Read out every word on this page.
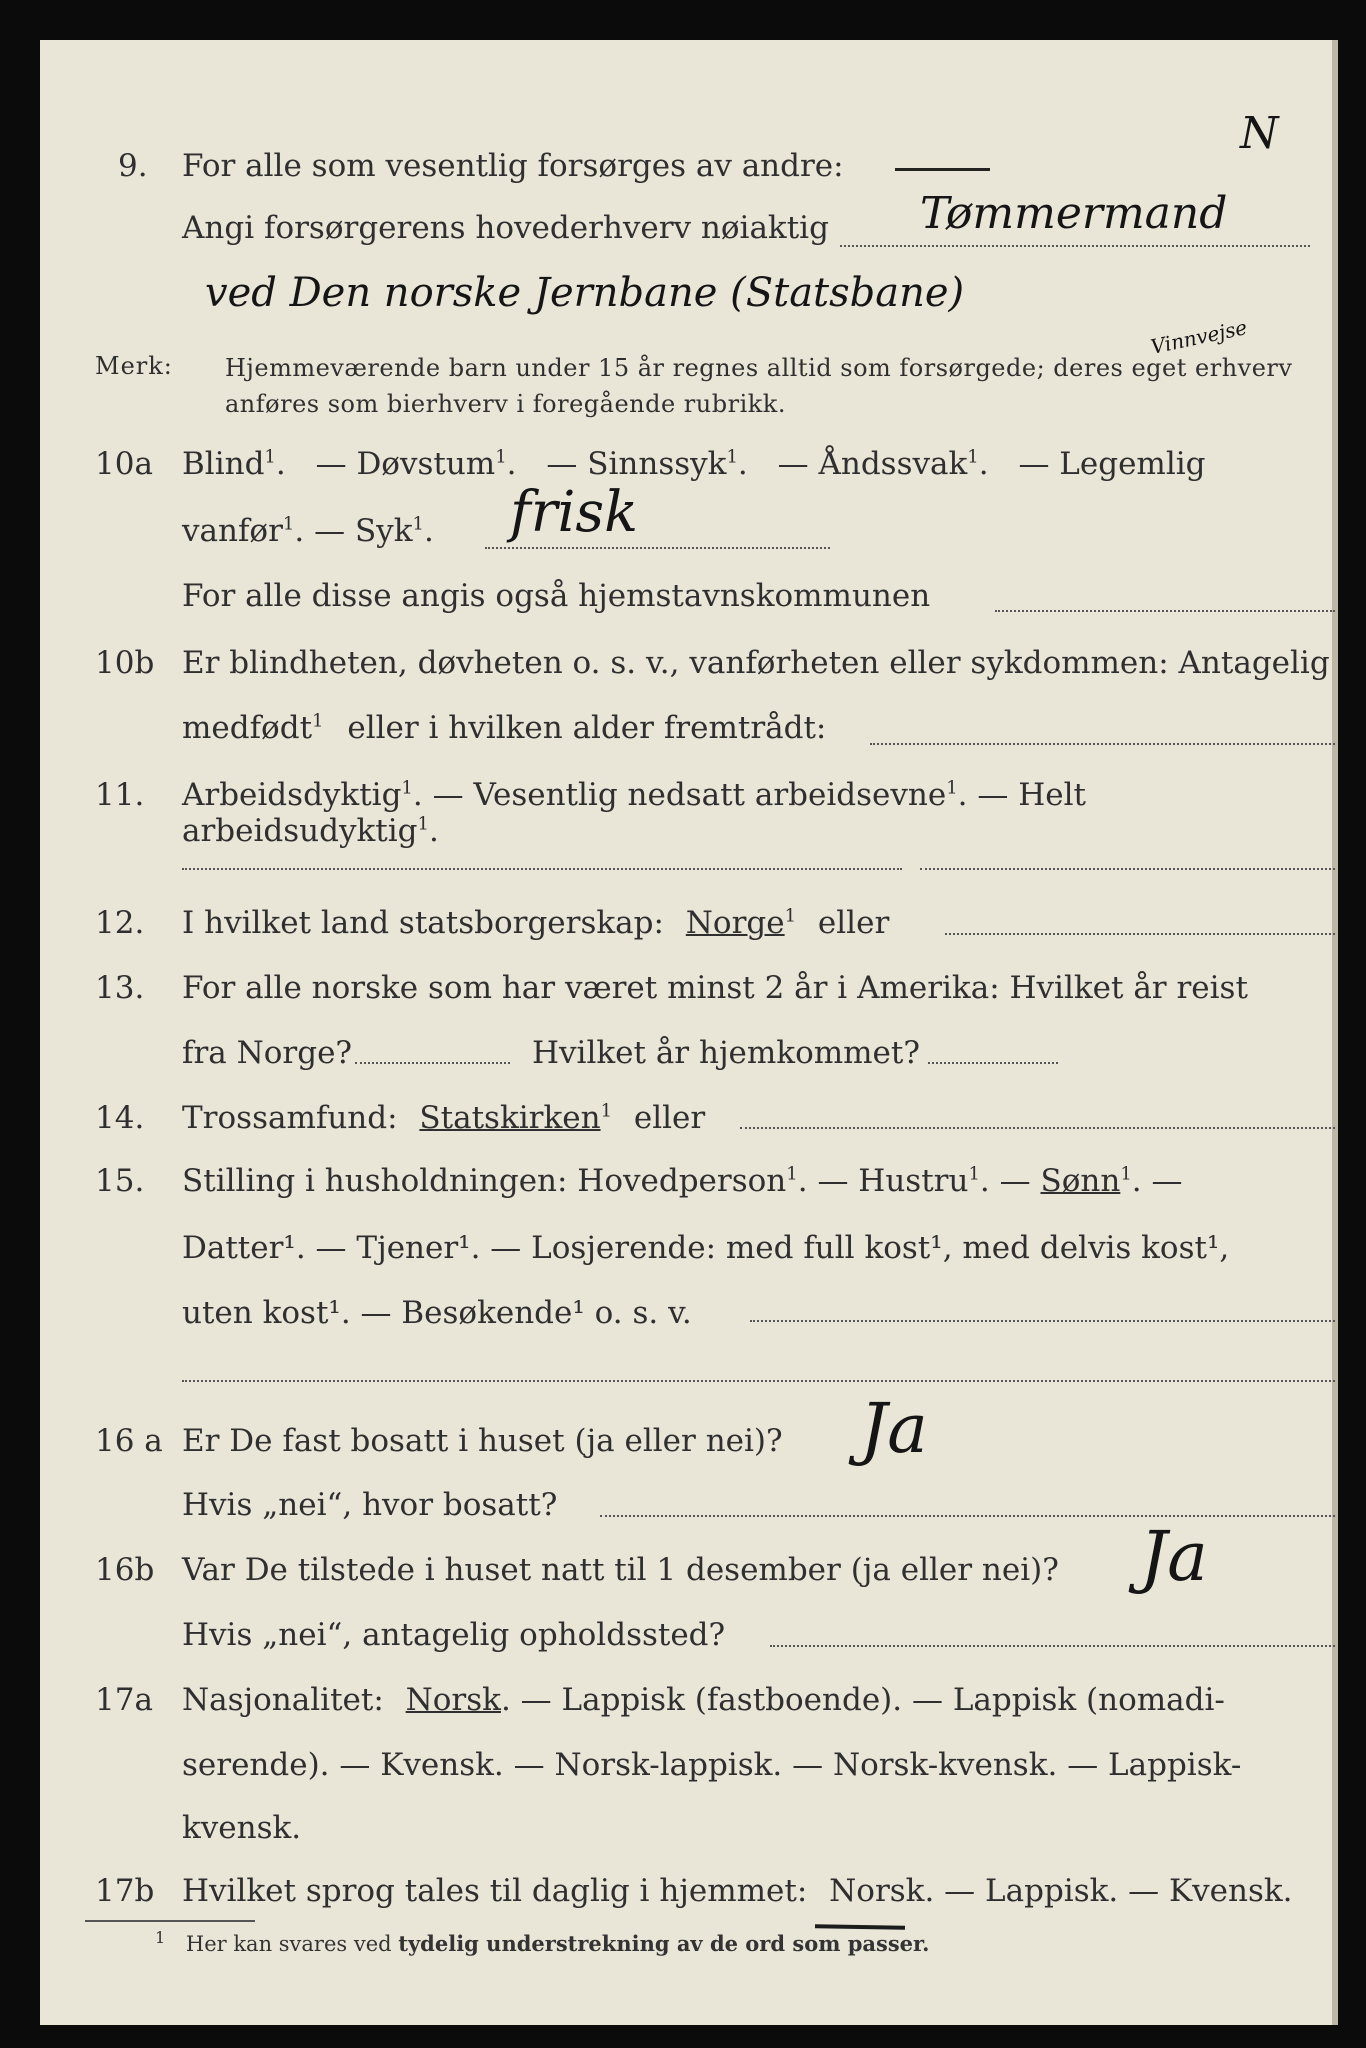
N
9. For alle som vesentlig forsørges av andre:
Angi forsørgerens hovederhverv nøiaktig Tømmermand
ved Den norske Jernbane (Statsbane)
Vinnvejse
Merk: Hjemmeværende barn under 15 år regnes alltid som forsørgede; deres eget erhverv
anføres som bierhverv i foregående rubrikk.
10a Blind$^1$. — Døvstum$^1$. — Sinnssyk$^1$. — Åndssvak$^1$. — Legemlig
vanfør$^1$. — Syk$^1$. frisk
For alle disse angis også hjemstavnskommunen
10b Er blindheten, døvheten o. s. v., vanførheten eller sykdommen: Antagelig
medfødt$^1$ eller i hvilken alder fremtrådt:
11. Arbeidsdyktig$^1$. — Vesentlig nedsatt arbeidsevne$^1$. — Helt arbeidsudyktig$^1$.
12. I hvilket land statsborgerskap: Norge$^1$ eller
13. For alle norske som har været minst 2 år i Amerika: Hvilket år reist
fra Norge?	Hvilket år hjemkommet?
14. Trossamfund: Statskirken$^1$ eller
15. Stilling i husholdningen: Hovedperson$^1$. — Hustru$^1$. — Sønn$^1$. —
Datter¹. — Tjener¹. — Losjerende: med full kost¹, med delvis kost¹,
uten kost¹. — Besøkende¹ o. s. v.
16 a Er De fast bosatt i huset (ja eller nei)? Ja
Hvis „nei“, hvor bosatt?
16b Var De tilstede i huset natt til 1 desember (ja eller nei)? Ja
Hvis „nei“, antagelig opholdssted?
17a Nasjonalitet: Norsk. — Lappisk (fastboende). — Lappisk (nomadi-
serende). — Kvensk. — Norsk-lappisk. — Norsk-kvensk. — Lappisk-
kvensk.
17b Hvilket sprog tales til daglig i hjemmet: Norsk. — Lappisk. — Kvensk.
$^1$ Her kan svares ved tydelig understrekning av de ord som passer.
